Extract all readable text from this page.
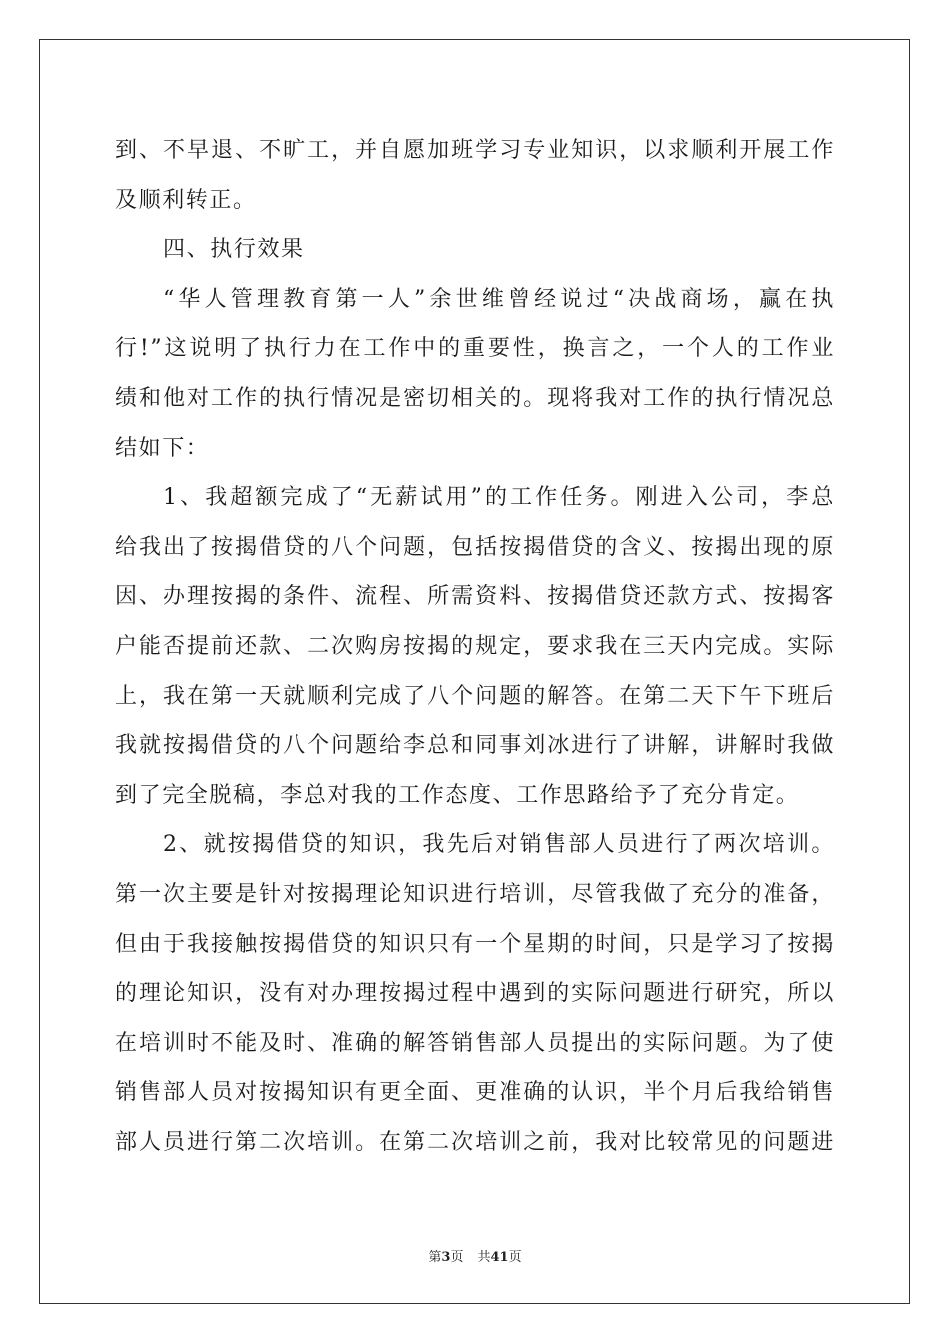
到、不早退、不旷工，并自愿加班学习专业知识，以求顺利开展工作
及顺利转正。
四、执行效果
“华人管理教育第一人”余世维曾经说过“决战商场，赢在执
行!”这说明了执行力在工作中的重要性，换言之，一个人的工作业
绩和他对工作的执行情况是密切相关的。现将我对工作的执行情况总
结如下：
1、我超额完成了“无薪试用”的工作任务。刚进入公司，李总
给我出了按揭借贷的八个问题，包括按揭借贷的含义、按揭出现的原
因、办理按揭的条件、流程、所需资料、按揭借贷还款方式、按揭客
户能否提前还款、二次购房按揭的规定，要求我在三天内完成。实际
上，我在第一天就顺利完成了八个问题的解答。在第二天下午下班后
我就按揭借贷的八个问题给李总和同事刘冰进行了讲解，讲解时我做
到了完全脱稿，李总对我的工作态度、工作思路给予了充分肯定。
2、就按揭借贷的知识，我先后对销售部人员进行了两次培训。
第一次主要是针对按揭理论知识进行培训，尽管我做了充分的准备，
但由于我接触按揭借贷的知识只有一个星期的时间，只是学习了按揭
的理论知识，没有对办理按揭过程中遇到的实际问题进行研究，所以
在培训时不能及时、准确的解答销售部人员提出的实际问题。为了使
销售部人员对按揭知识有更全面、更准确的认识，半个月后我给销售
部人员进行第二次培训。在第二次培训之前，我对比较常见的问题进
第3页 共41页
